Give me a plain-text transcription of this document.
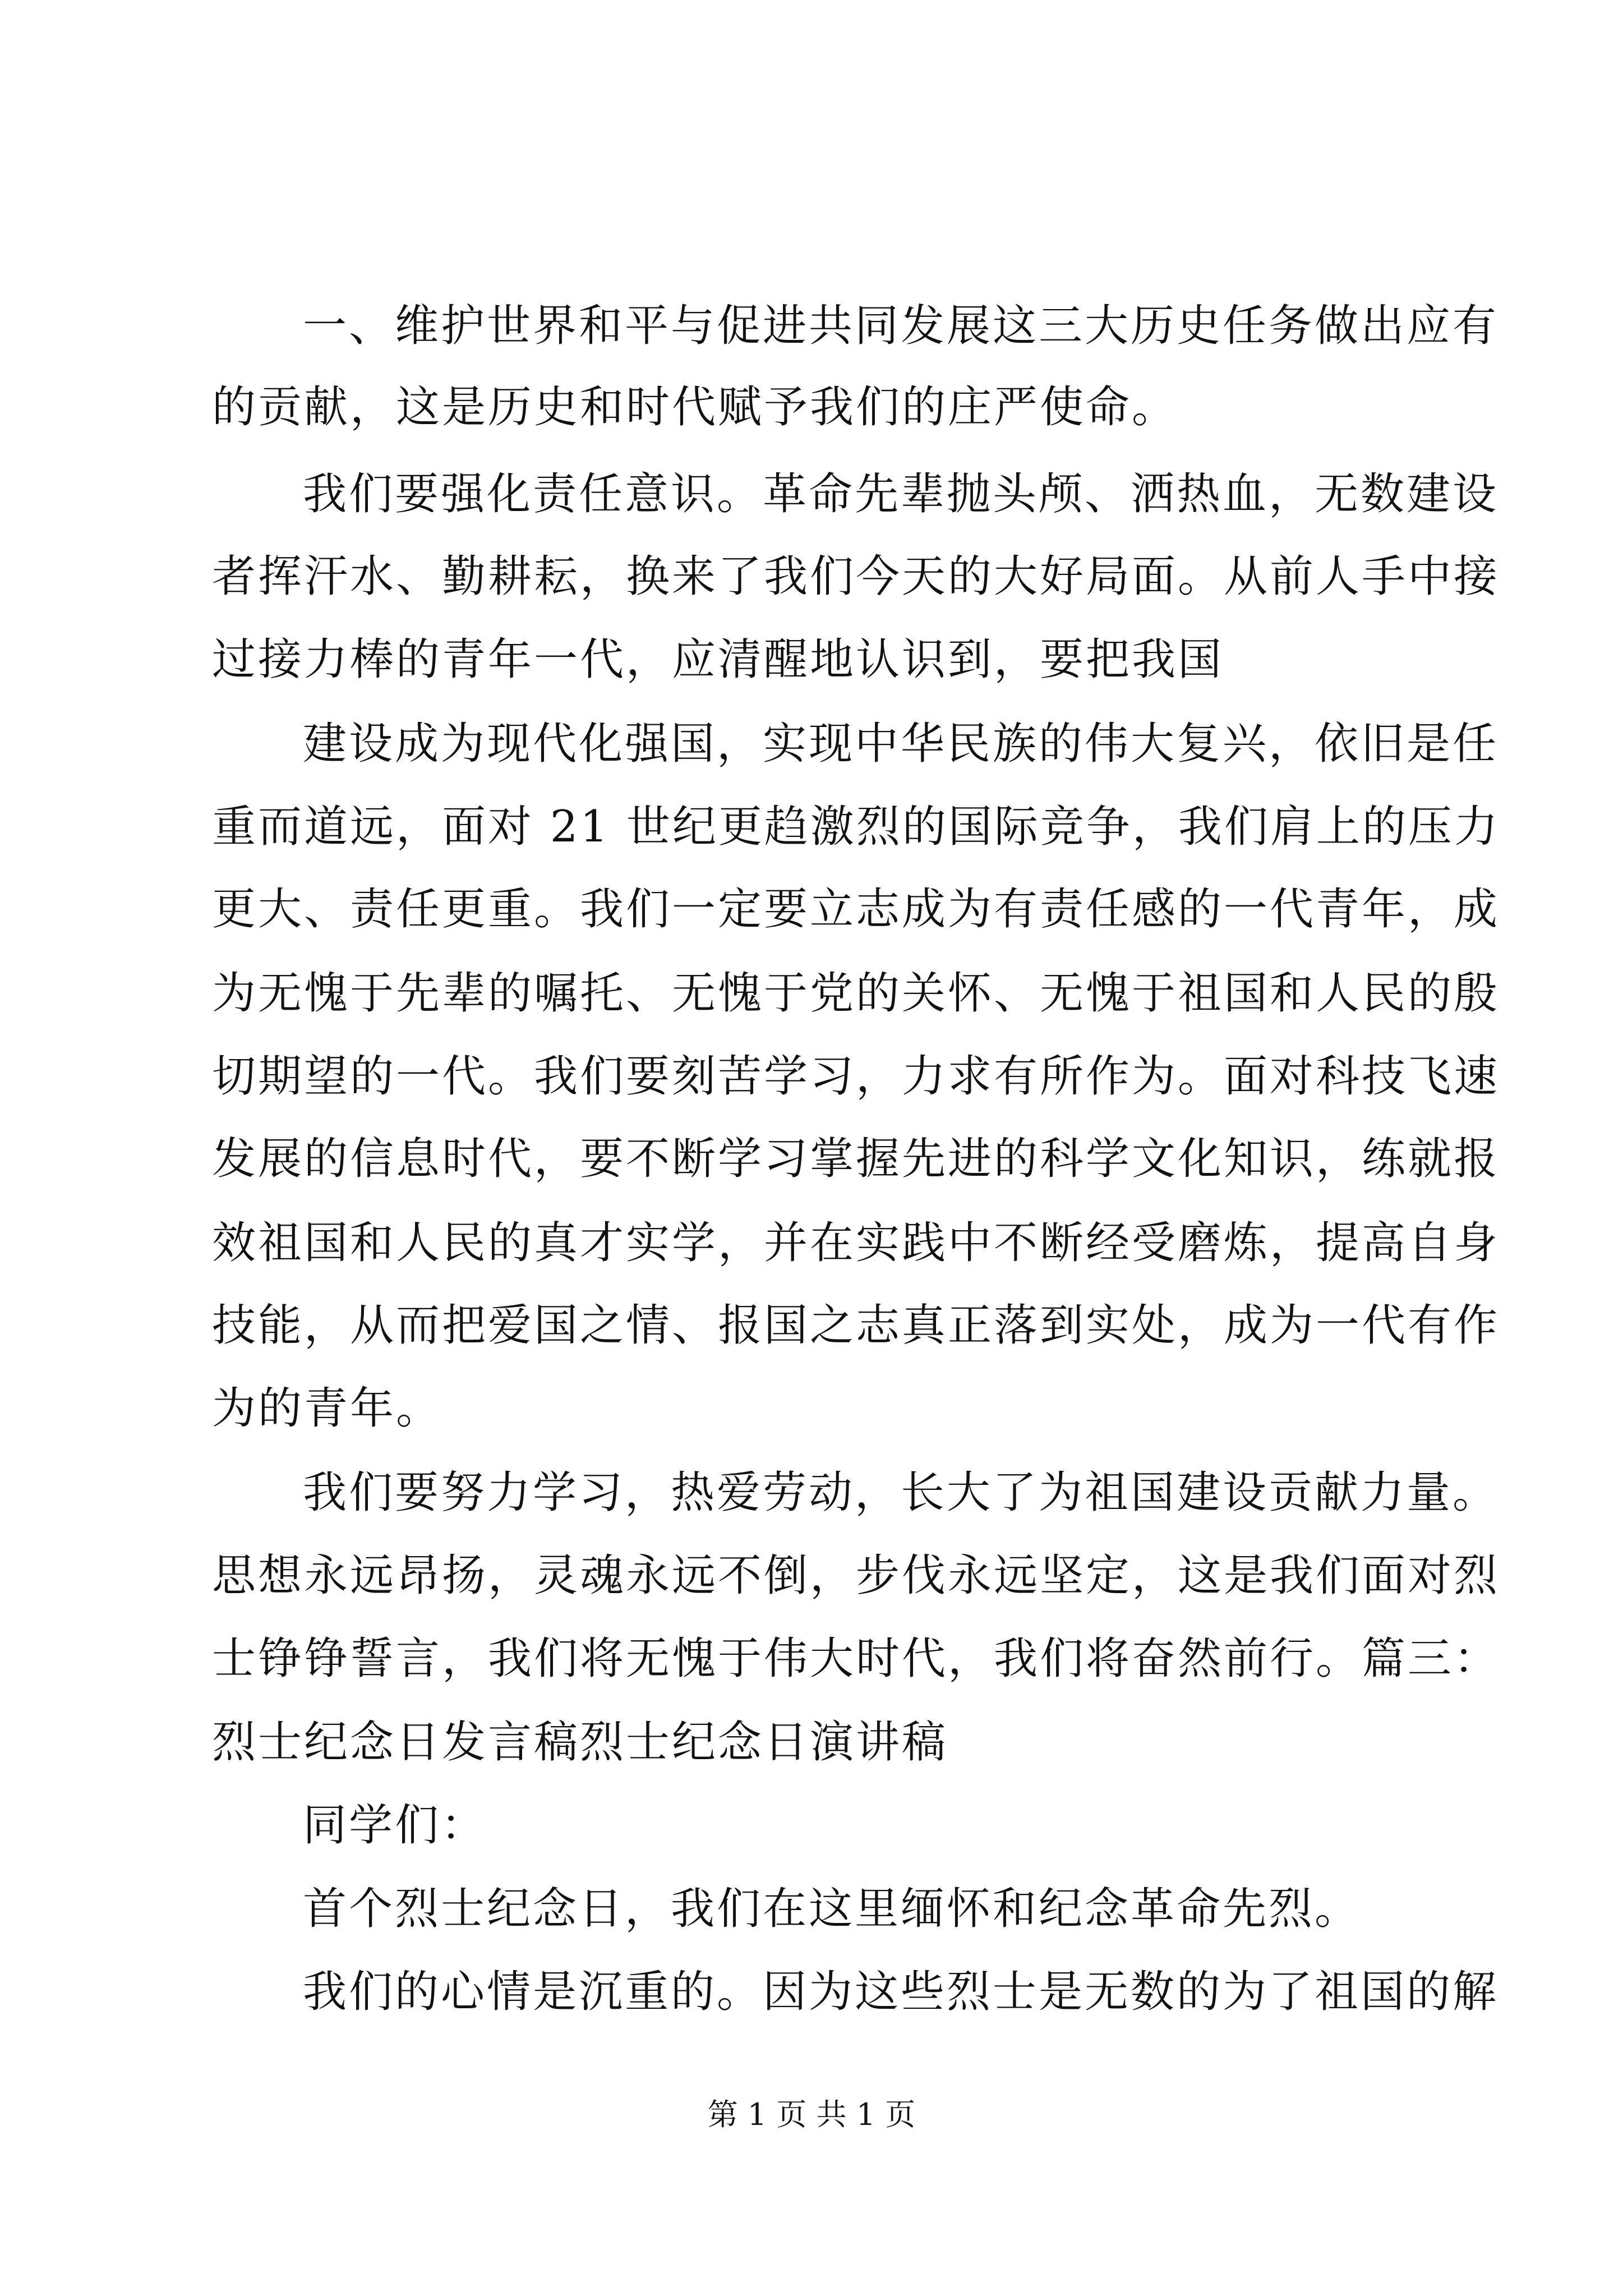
一、维护世界和平与促进共同发展这三大历史任务做出应有
的贡献，这是历史和时代赋予我们的庄严使命。
我们要强化责任意识。革命先辈抛头颅、洒热血，无数建设
者挥汗水、勤耕耘，换来了我们今天的大好局面。从前人手中接
过接力棒的青年一代，应清醒地认识到，要把我国
建设成为现代化强国，实现中华民族的伟大复兴，依旧是任
重而道远，面对 21 世纪更趋激烈的国际竞争，我们肩上的压力
更大、责任更重。我们一定要立志成为有责任感的一代青年，成
为无愧于先辈的嘱托、无愧于党的关怀、无愧于祖国和人民的殷
切期望的一代。我们要刻苦学习，力求有所作为。面对科技飞速
发展的信息时代，要不断学习掌握先进的科学文化知识，练就报
效祖国和人民的真才实学，并在实践中不断经受磨炼，提高自身
技能，从而把爱国之情、报国之志真正落到实处，成为一代有作
为的青年。
我们要努力学习，热爱劳动，长大了为祖国建设贡献力量。
思想永远昂扬，灵魂永远不倒，步伐永远坚定，这是我们面对烈
士铮铮誓言，我们将无愧于伟大时代，我们将奋然前行。篇三：
烈士纪念日发言稿烈士纪念日演讲稿
同学们：
首个烈士纪念日，我们在这里缅怀和纪念革命先烈。
我们的心情是沉重的。因为这些烈士是无数的为了祖国的解
第 1 页 共 1 页
